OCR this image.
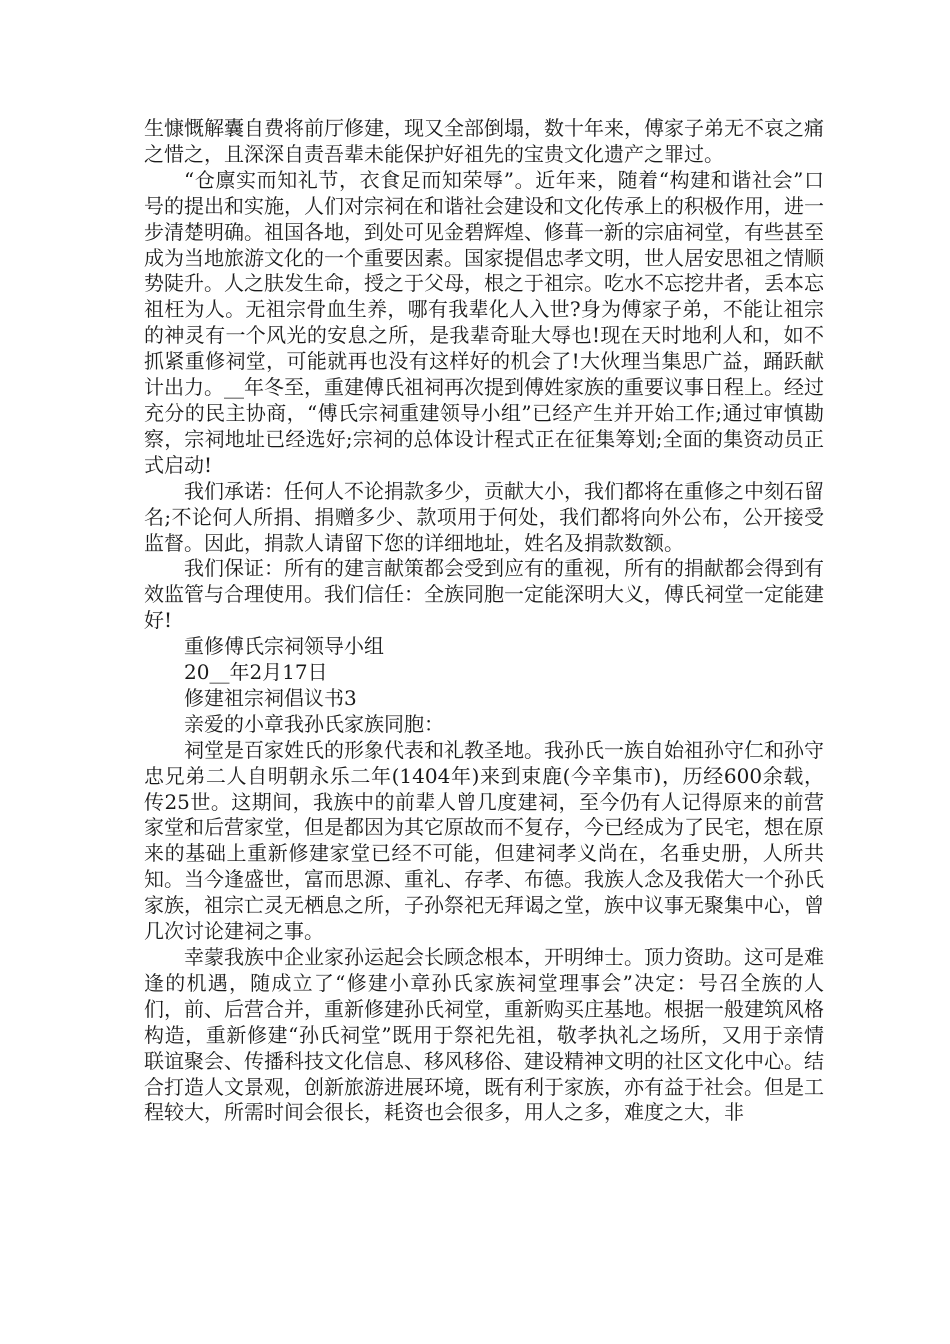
生慷慨解囊自费将前厅修建，现又全部倒塌，数十年来，傅家子弟无不哀之痛之惜之，且深深自责吾辈未能保护好祖先的宝贵文化遗产之罪过。

“仓廪实而知礼节，衣食足而知荣辱”。近年来，随着“构建和谐社会”口号的提出和实施，人们对宗祠在和谐社会建设和文化传承上的积极作用，进一步清楚明确。祖国各地，到处可见金碧辉煌、修葺一新的宗庙祠堂，有些甚至成为当地旅游文化的一个重要因素。国家提倡忠孝文明，世人居安思祖之情顺势陡升。人之肤发生命，授之于父母，根之于祖宗。吃水不忘挖井者，丢本忘祖枉为人。无祖宗骨血生养，哪有我辈化人入世?身为傅家子弟，不能让祖宗的神灵有一个风光的安息之所，是我辈奇耻大辱也!现在天时地利人和，如不抓紧重修祠堂，可能就再也没有这样好的机会了!大伙理当集思广益，踊跃献计出力。__年冬至，重建傅氏祖祠再次提到傅姓家族的重要议事日程上。经过充分的民主协商，“傅氏宗祠重建领导小组”已经产生并开始工作;通过审慎勘察，宗祠地址已经选好;宗祠的总体设计程式正在征集筹划;全面的集资动员正式启动!

我们承诺：任何人不论捐款多少，贡献大小，我们都将在重修之中刻石留名;不论何人所捐、捐赠多少、款项用于何处，我们都将向外公布，公开接受监督。因此，捐款人请留下您的详细地址，姓名及捐款数额。

我们保证：所有的建言献策都会受到应有的重视，所有的捐献都会得到有效监管与合理使用。我们信任：全族同胞一定能深明大义，傅氏祠堂一定能建好!

重修傅氏宗祠领导小组

20__年2月17日

修建祖宗祠倡议书3

亲爱的小章我孙氏家族同胞：

祠堂是百家姓氏的形象代表和礼教圣地。我孙氏一族自始祖孙守仁和孙守忠兄弟二人自明朝永乐二年(1404年)来到束鹿(今辛集市)，历经600余载，传25世。这期间，我族中的前辈人曾几度建祠，至今仍有人记得原来的前营家堂和后营家堂，但是都因为其它原故而不复存，今已经成为了民宅，想在原来的基础上重新修建家堂已经不可能，但建祠孝义尚在，名垂史册，人所共知。当今逢盛世，富而思源、重礼、存孝、布德。我族人念及我偌大一个孙氏家族，祖宗亡灵无栖息之所，子孙祭祀无拜谒之堂，族中议事无聚集中心，曾几次讨论建祠之事。

幸蒙我族中企业家孙运起会长顾念根本，开明绅士。顶力资助。这可是难逢的机遇，随成立了“修建小章孙氏家族祠堂理事会”决定：号召全族的人们，前、后营合并，重新修建孙氏祠堂，重新购买庄基地。根据一般建筑风格构造，重新修建“孙氏祠堂”既用于祭祀先祖，敬孝执礼之场所，又用于亲情联谊聚会、传播科技文化信息、移风移俗、建设精神文明的社区文化中心。结合打造人文景观，创新旅游进展环境，既有利于家族，亦有益于社会。但是工程较大，所需时间会很长，耗资也会很多，用人之多，难度之大，非
